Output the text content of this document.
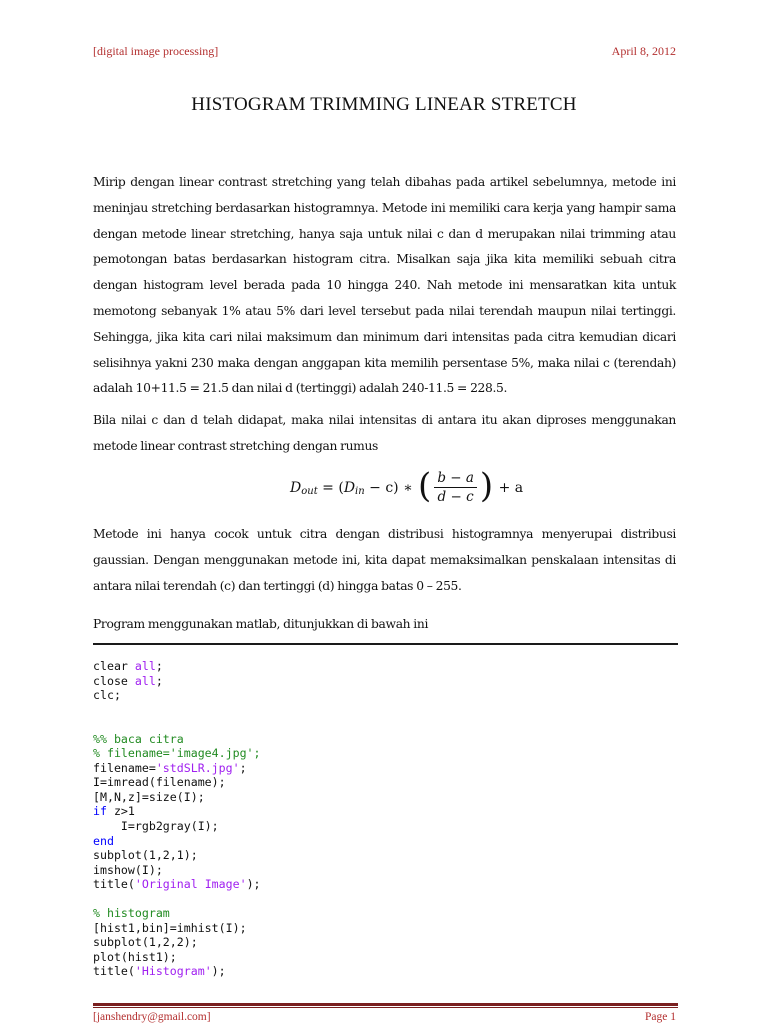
[digital image processing]	April 8, 2012
HISTOGRAM TRIMMING LINEAR STRETCH
Mirip dengan linear contrast stretching yang telah dibahas pada artikel sebelumnya, metode ini meninjau stretching berdasarkan histogramnya. Metode ini memiliki cara kerja yang hampir sama dengan metode linear stretching, hanya saja untuk nilai c dan d merupakan nilai trimming atau pemotongan batas berdasarkan histogram citra. Misalkan saja jika kita memiliki sebuah citra dengan histogram level berada pada 10 hingga 240. Nah metode ini mensaratkan kita untuk memotong sebanyak 1% atau 5% dari level tersebut pada nilai terendah maupun nilai tertinggi. Sehingga, jika kita cari nilai maksimum dan minimum dari intensitas pada citra kemudian dicari selisihnya yakni 230 maka dengan anggapan kita memilih persentase 5%, maka nilai c (terendah) adalah 10+11.5 = 21.5 dan nilai d (tertinggi) adalah 240-11.5 = 228.5.
Bila nilai c dan d telah didapat, maka nilai intensitas di antara itu akan diproses menggunakan metode linear contrast stretching dengan rumus
D out = ( D in − c) ∗ ( $\frac{b - a}{d - c}$ ) + a
Metode ini hanya cocok untuk citra dengan distribusi histogramnya menyerupai distribusi gaussian. Dengan menggunakan metode ini, kita dapat memaksimalkan penskalaan intensitas di antara nilai terendah (c) dan tertinggi (d) hingga batas 0 – 255.
Program menggunakan matlab, ditunjukkan di bawah ini
clear all;
close all;
clc;
%% baca citra
% filename='image4.jpg';
filename='stdSLR.jpg';
I=imread(filename);
[M,N,z]=size(I);
if z>1
I=rgb2gray(I);
end
subplot(1,2,1);
imshow(I);
title('Original Image');
% histogram
[hist1,bin]=imhist(I);
subplot(1,2,2);
plot(hist1);
title('Histogram');
[janshendry@gmail.com]	Page 1
